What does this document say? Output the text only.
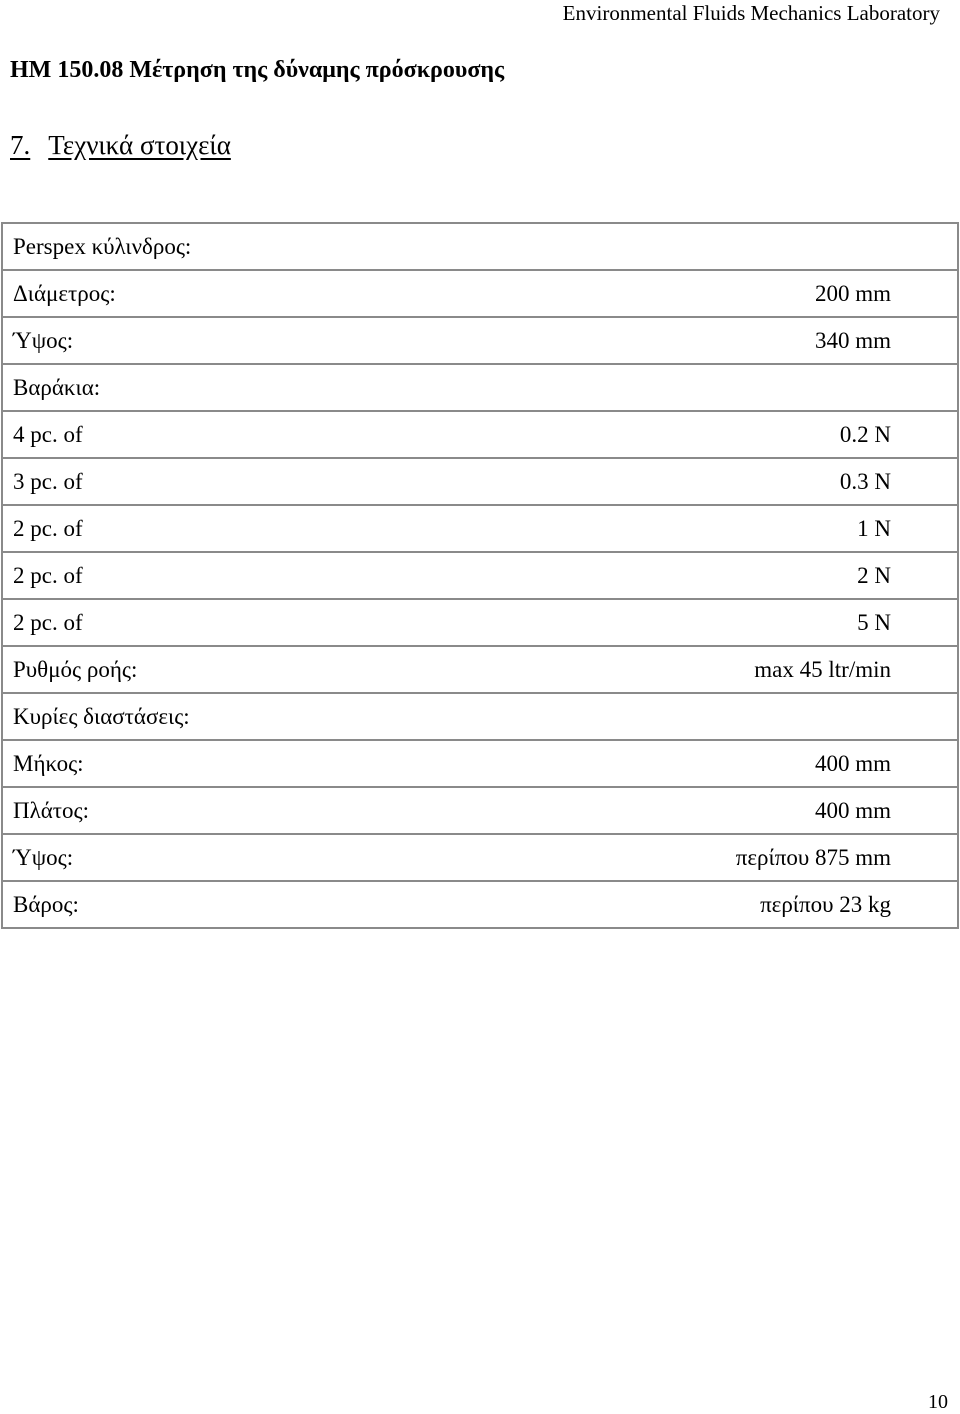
Environmental Fluids Mechanics Laboratory
HM 150.08 Μέτρηση της δύναμης πρόσκρουσης
7. Τεχνικά στοιχεία
Perspex κύλινδρος:	
Διάμετρος:	200 mm
Ύψος:	340 mm
Βαράκια:	
4 pc. of	0.2 N
3 pc. of	0.3 N
2 pc. of	1 N
2 pc. of	2 N
2 pc. of	5 N
Ρυθμός ροής:	max 45 ltr/min
Κυρίες διαστάσεις:	
Μήκος:	400 mm
Πλάτος:	400 mm
Ύψος:	περίπου 875 mm
Βάρος:	περίπου 23 kg
10
